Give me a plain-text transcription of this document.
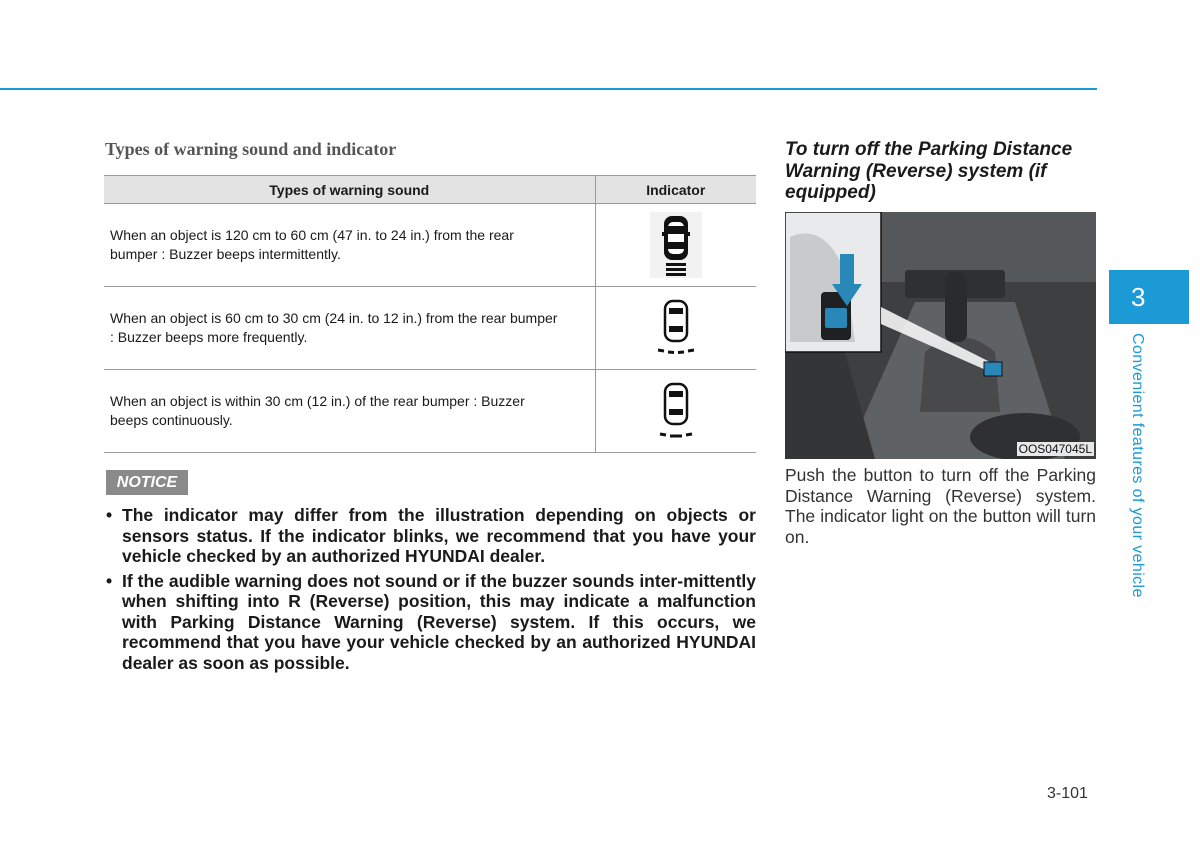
Types of warning sound and indicator
Types of warning sound	Indicator
When an object is 120 cm to 60 cm (47 in. to 24 in.) from the rear bumper : Buzzer beeps intermittently.	
When an object is 60 cm to 30 cm (24 in. to 12 in.) from the rear bumper : Buzzer beeps more frequently.	
When an object is within 30 cm (12 in.) of the rear bumper : Buzzer beeps continuously.	
NOTICE
• The indicator may differ from the illustration depending on objects or sensors status. If the indicator blinks, we recommend that you have your vehicle checked by an authorized HYUNDAI dealer.
• If the audible warning does not sound or if the buzzer sounds inter-mittently when shifting into R (Reverse) position, this may indicate a malfunction with Parking Distance Warning (Reverse) system. If this occurs, we recommend that you have your vehicle checked by an authorized HYUNDAI dealer as soon as possible.
To turn off the Parking Distance Warning (Reverse) system (if equipped)
OOS047045L
Push the button to turn off the Parking Distance Warning (Reverse) system. The indicator light on the button will turn on.
3
Convenient features of your vehicle
3-101
